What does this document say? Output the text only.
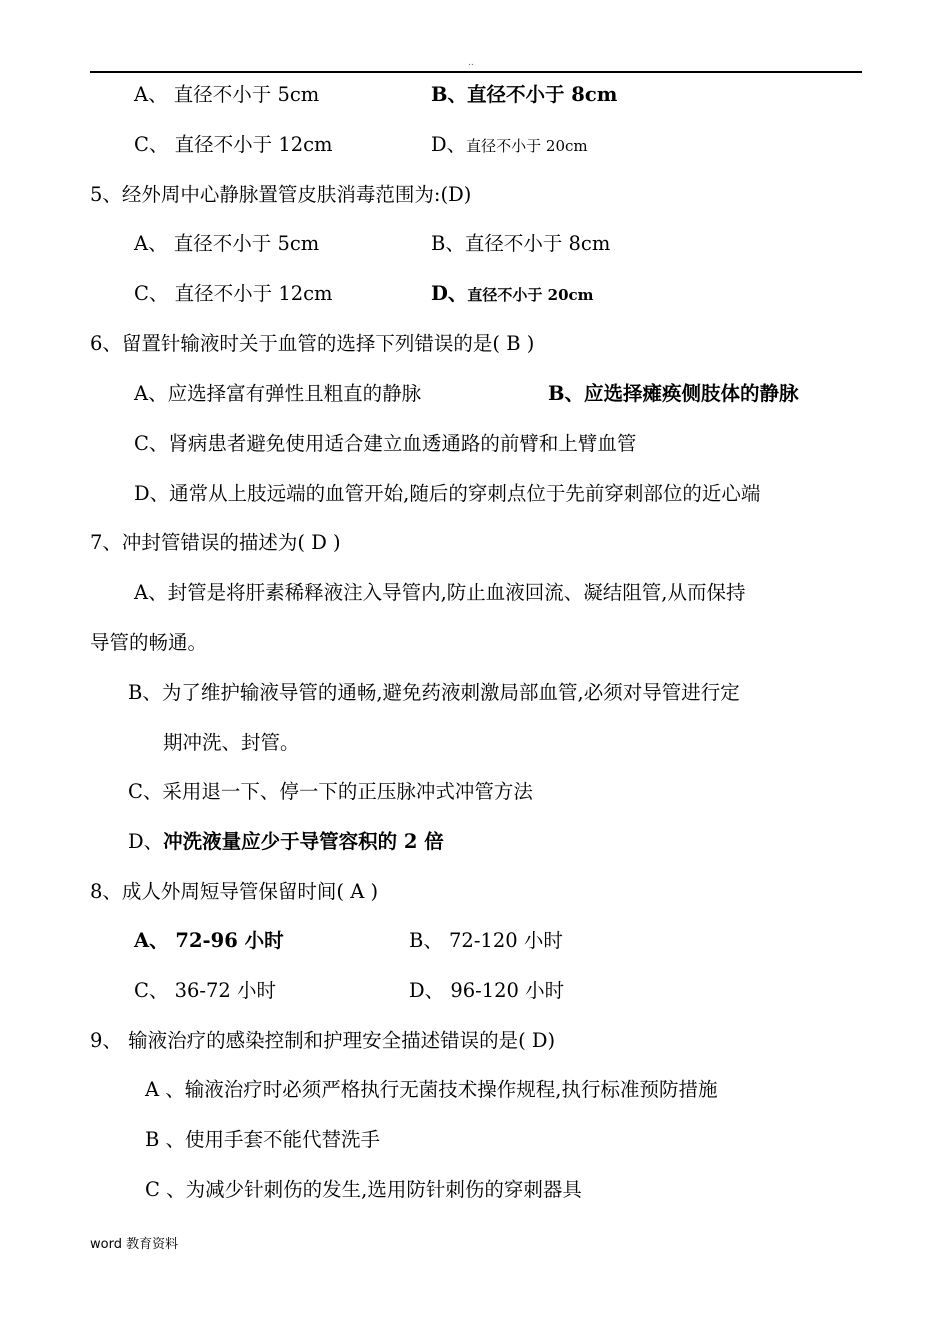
..
A、 直径不小于 5cm	B、直径不小于 8cm
C、 直径不小于 12cm	D、直径不小于 20cm
5、经外周中心静脉置管皮肤消毒范围为:(D)
A、 直径不小于 5cm	B、直径不小于 8cm
C、 直径不小于 12cm	D、直径不小于 20cm
6、留置针输液时关于血管的选择下列错误的是( B )
A、应选择富有弹性且粗直的静脉	B、应选择瘫痪侧肢体的静脉
C、肾病患者避免使用适合建立血透通路的前臂和上臂血管
D、通常从上肢远端的血管开始,随后的穿刺点位于先前穿刺部位的近心端
7、冲封管错误的描述为( D )
A、封管是将肝素稀释液注入导管内,防止血液回流、凝结阻管,从而保持
导管的畅通。
B、为了维护输液导管的通畅,避免药液刺激局部血管,必须对导管进行定
期冲洗、封管。
C、采用退一下、停一下的正压脉冲式冲管方法
D、冲洗液量应少于导管容积的 2 倍
8、成人外周短导管保留时间( A )
A、 72-96 小时	B、 72-120 小时
C、 36-72 小时	D、 96-120 小时
9、 输液治疗的感染控制和护理安全描述错误的是( D)
A 、输液治疗时必须严格执行无菌技术操作规程,执行标准预防措施
B 、使用手套不能代替洗手
C 、为减少针刺伤的发生,选用防针刺伤的穿刺器具
word 教育资料
